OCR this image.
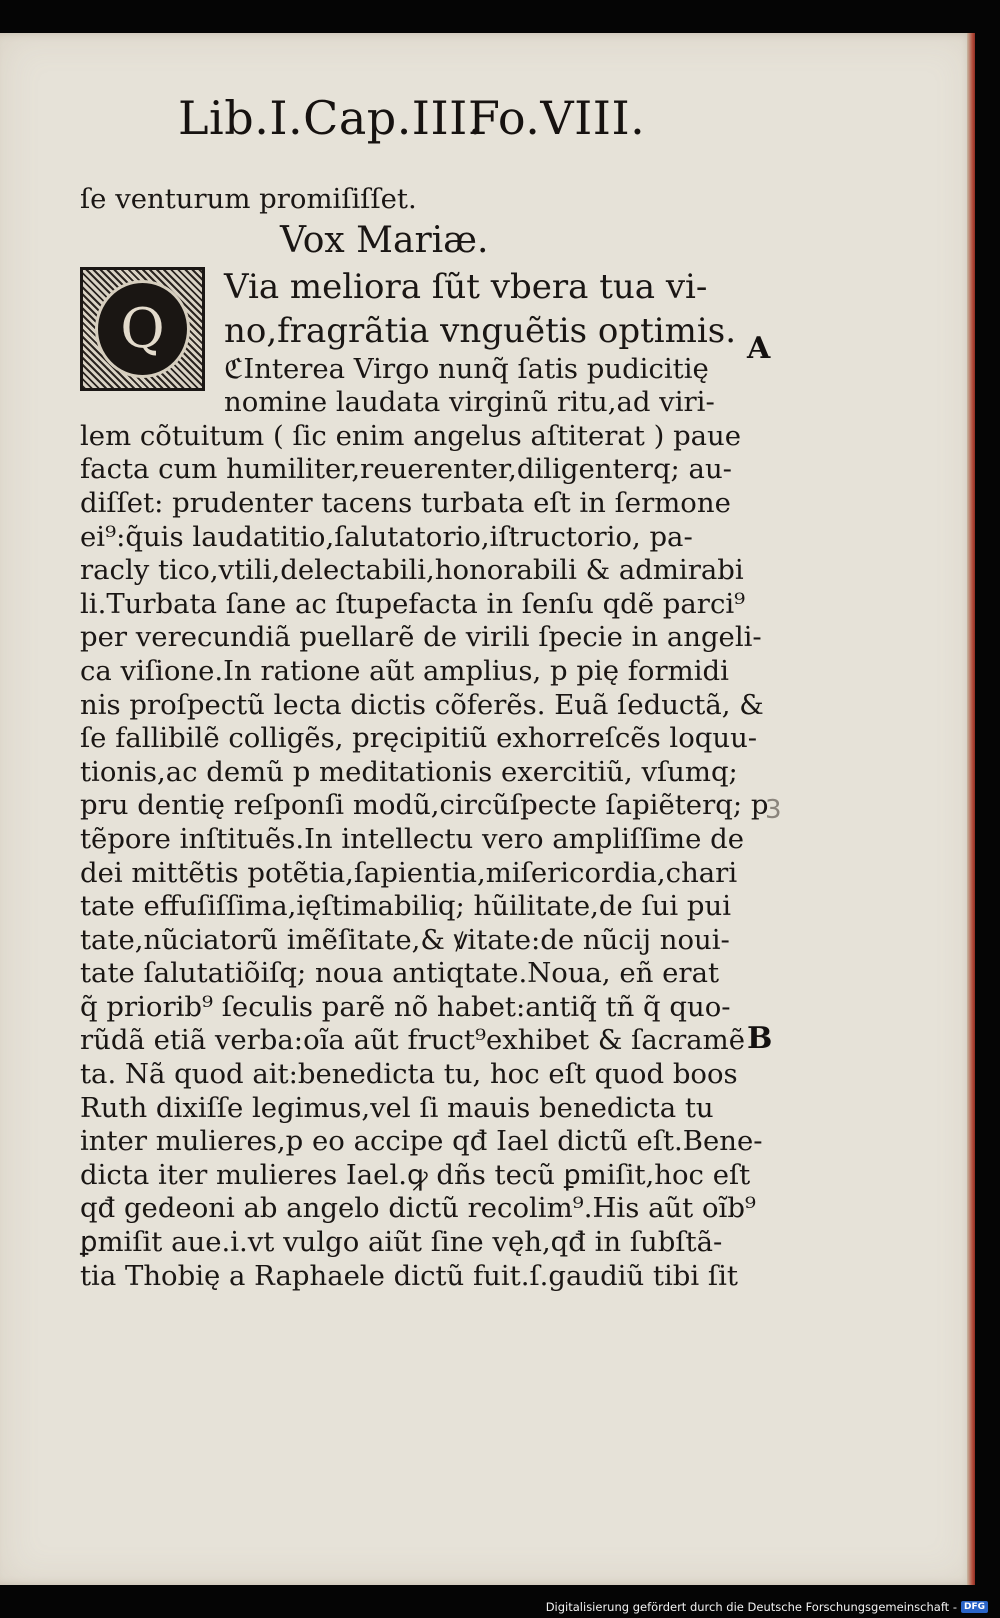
Lib.I.Cap.III.
Fo.VIII.
ſe venturum promiſiſſet.
Vox Mariæ.
Q
Via meliora ſũt vbera tua vi-
no,fragrãtia vnguẽtis optimis.
ℭInterea Virgo nunq̃ ſatis pudicitię
nomine laudata virginũ ritu,ad viri-
lem cõtuitum ( ſic enim angelus aſtiterat ) paue
facta cum humiliter,reuerenter,diligenterq; au-
diſſet: prudenter tacens turbata eſt in ſermone
ei⁹:q̃uis laudatitio,ſalutatorio,iſtructorio, pa-
racly tico,vtili,delectabili,honorabili & admirabi
li.Turbata ſane ac ſtupefacta in ſenſu qdẽ parci⁹
per verecundiã puellarẽ de virili ſpecie in angeli-
ca viſione.In ratione aũt amplius, p pię formidi
nis proſpectũ lecta dictis cõferẽs. Euã ſeductã, &
ſe fallibilẽ colligẽs, pręcipitiũ exhorreſcẽs loquu-
tionis,ac demũ p meditationis exercitiũ, vſumq;
pru dentię reſponſi modũ,circũſpecte ſapiẽterq; p
tẽpore inſtituẽs.In intellectu vero ampliſſime de
dei mittẽtis potẽtia,ſapientia,miſericordia,chari
tate effuſiſſima,ięſtimabiliq; hũilitate,de ſui pui
tate,nũciatorũ imẽſitate,& ꝟitate:de nũcij noui-
tate ſalutatiõiſq; noua antiqtate.Noua, eñ erat
q̃ priorib⁹ ſeculis parẽ nõ habet:antiq̃ tñ q̃ quo-
rũdã etiã verba:oĩa aũt fruct⁹exhibet & ſacramẽ
ta. Nã quod ait:benedicta tu, hoc eſt quod boos
Ruth dixiſſe legimus,vel ſi mauis benedicta tu
inter mulieres,p eo accipe qđ Iael dictũ eſt.Bene-
dicta iter mulieres Iael.ꝙ dñs tecũ ꝑmiſit,hoc eſt
qđ gedeoni ab angelo dictũ recolim⁹.His aũt oĩb⁹
ꝑmiſit aue.i.vt vulgo aiũt ſine vęh,qđ in ſubſtã-
tia Thobię a Raphaele dictũ fuit.ſ.gaudiũ tibi ſit
A
B
3
Digitalisierung gefördert durch die Deutsche Forschungsgemeinschaft - DFG
